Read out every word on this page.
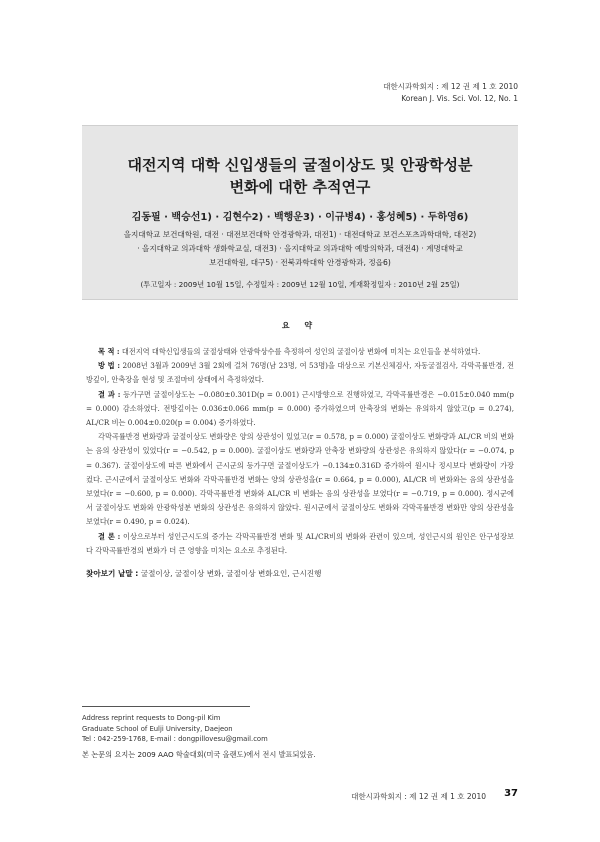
대한시과학회지 : 제 12 권 제 1 호 2010
Korean J. Vis. Sci. Vol. 12, No. 1
대전지역 대학 신입생들의 굴절이상도 및 안광학성분
변화에 대한 추적연구
김동필 · 백승선1) · 김현수2) · 백행운3) · 이규병4) · 홍성혜5) · 두하영6)
을지대학교 보건대학원, 대전 · 대전보건대학 안경광학과, 대전1) · 대전대학교 보건스포츠과학대학, 대전2)
· 을지대학교 의과대학 생화학교실, 대전3) · 을지대학교 의과대학 예방의학과, 대전4) · 계명대학교
보건대학원, 대구5) · 전북과학대학 안경광학과, 정읍6)
(투고일자 : 2009년 10월 15일, 수정일자 : 2009년 12월 10일, 게재확정일자 : 2010년 2월 25일)
요 약

목 적 : 대전지역 대학신입생들의 굴절상태와 안광학상수를 측정하여 성인의 굴절이상 변화에 미치는 요인들을 분석하였다.

방 법 : 2008년 3월과 2009년 3월 2회에 걸쳐 76명(남 23명, 여 53명)을 대상으로 기본신체검사, 자동굴절검사, 각막곡률반경, 전방깊이, 안축장을 현성 및 조절마비 상태에서 측정하였다.

결 과 : 등가구면 굴절이상도는 −0.080±0.301D(p = 0.001) 근시방향으로 진행하였고, 각막곡률반경은 −0.015±0.040 mm(p = 0.000) 감소하였다. 전방깊이는 0.036±0.066 mm(p = 0.000) 증가하였으며 안축장의 변화는 유의하지 않았고(p = 0.274), AL/CR 비는 0.004±0.020(p = 0.004) 증가하였다.

각막곡률반경 변화량과 굴절이상도 변화량은 양의 상관성이 있었고(r = 0.578, p = 0.000) 굴절이상도 변화량과 AL/CR 비의 변화는 음의 상관성이 있었다(r = −0.542, p = 0.000). 굴절이상도 변화량과 안축장 변화량의 상관성은 유의하지 않았다(r = −0.074, p = 0.367). 굴절이상도에 따른 변화에서 근시군의 등가구면 굴절이상도가 −0.134±0.316D 증가하여 원시나 정시보다 변화량이 가장 컸다. 근시군에서 굴절이상도 변화와 각막곡률반경 변화는 양의 상관성을(r = 0.664, p = 0.000), AL/CR 비 변화와는 음의 상관성을 보였다(r = −0.600, p = 0.000). 각막곡률반경 변화와 AL/CR 비 변화는 음의 상관성을 보였다(r = −0.719, p = 0.000). 정시군에서 굴절이상도 변화와 안광학성분 변화의 상관성은 유의하지 않았다. 원시군에서 굴절이상도 변화와 각막곡률반경 변화만 양의 상관성을 보였다(r = 0.490, p = 0.024).

결 론 : 이상으로부터 성인근시도의 증가는 각막곡률반경 변화 및 AL/CR비의 변화와 관련이 있으며, 성인근시의 원인은 안구성장보다 각막곡률반경의 변화가 더 큰 영향을 미치는 요소로 추정된다.

찾아보기 낱말 : 굴절이상, 굴절이상 변화, 굴절이상 변화요인, 근시진행
Address reprint requests to Dong-pil Kim
Graduate School of Eulji University, Daejeon
Tel : 042-259-1768, E-mail : dongpillovesu@gmail.com
본 논문의 요지는 2009 AAO 학술대회(미국 올랜도)에서 전시 발표되었음.
대한시과학회지 : 제 12 권 제 1 호 2010 37
